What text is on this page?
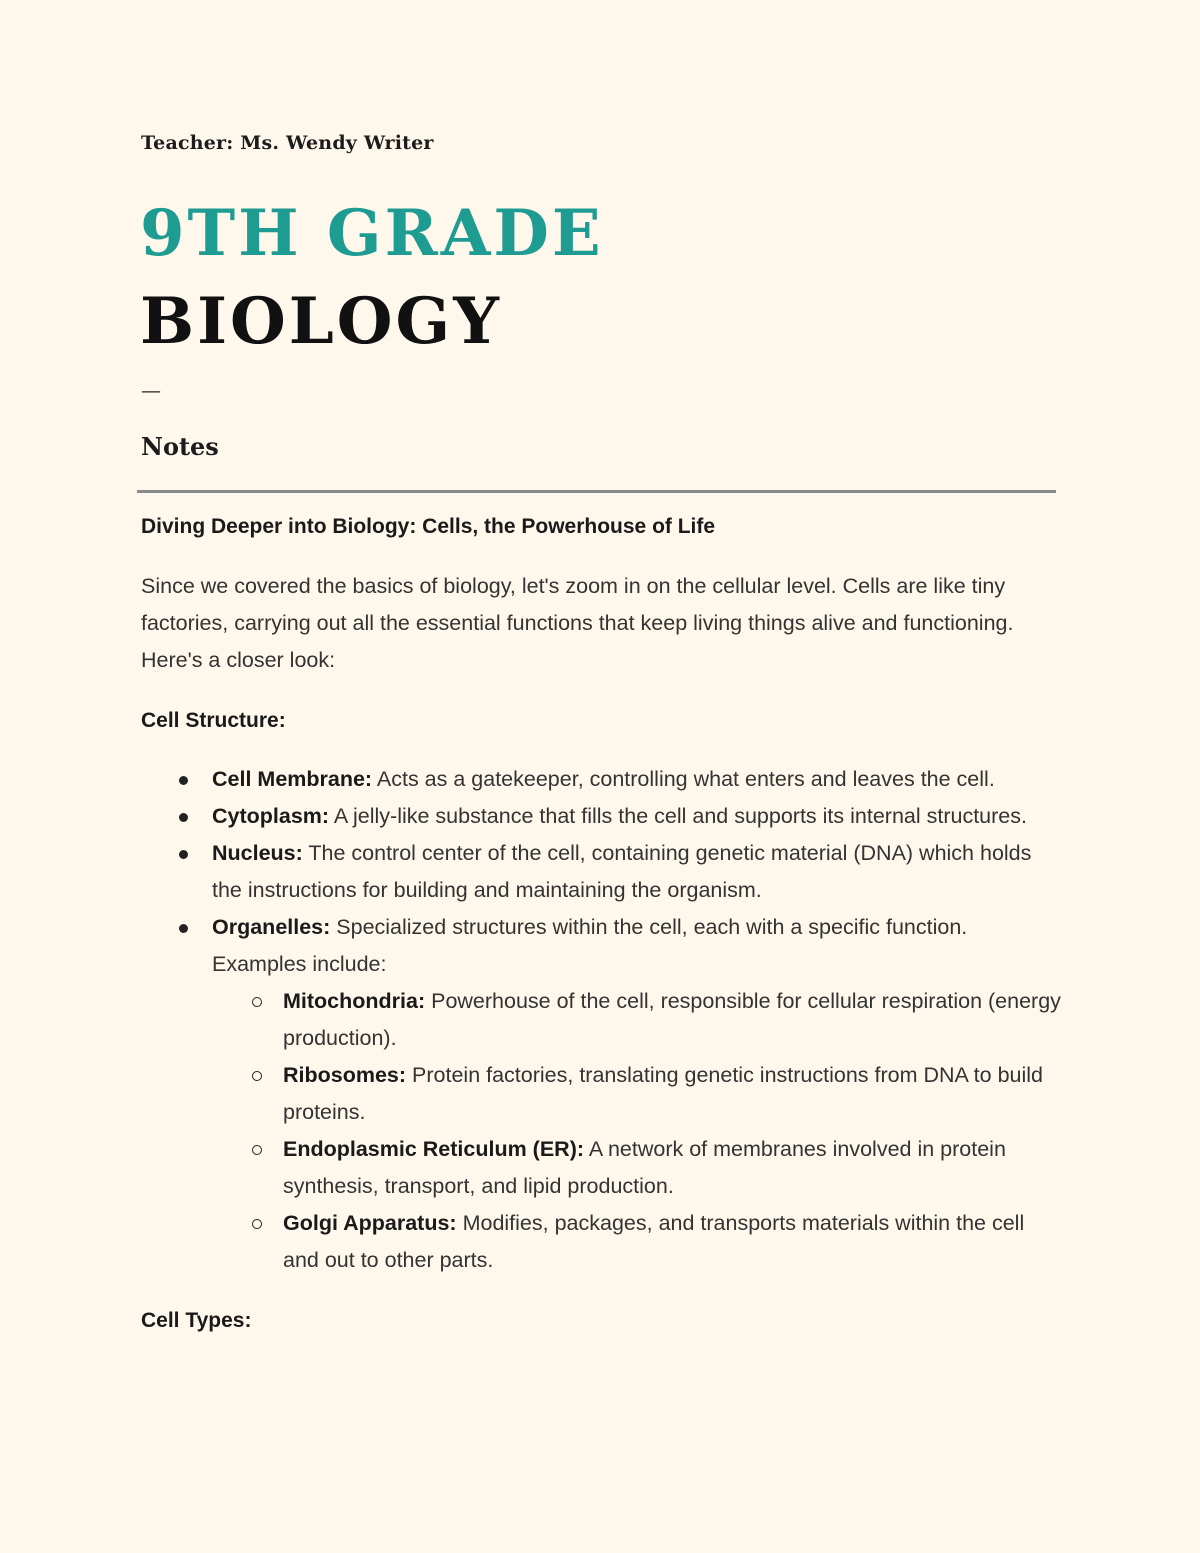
Teacher: Ms. Wendy Writer
9TH GRADE
BIOLOGY
—
Notes

Diving Deeper into Biology: Cells, the Powerhouse of Life

Since we covered the basics of biology, let's zoom in on the cellular level. Cells are like tiny factories, carrying out all the essential functions that keep living things alive and functioning. Here's a closer look:

Cell Structure:

Cell Membrane: Acts as a gatekeeper, controlling what enters and leaves the cell.
Cytoplasm: A jelly-like substance that fills the cell and supports its internal structures.
Nucleus: The control center of the cell, containing genetic material (DNA) which holds the instructions for building and maintaining the organism.
Organelles: Specialized structures within the cell, each with a specific function. Examples include:
Mitochondria: Powerhouse of the cell, responsible for cellular respiration (energy production).
Ribosomes: Protein factories, translating genetic instructions from DNA to build proteins.
Endoplasmic Reticulum (ER): A network of membranes involved in protein synthesis, transport, and lipid production.
Golgi Apparatus: Modifies, packages, and transports materials within the cell and out to other parts.

Cell Types:
